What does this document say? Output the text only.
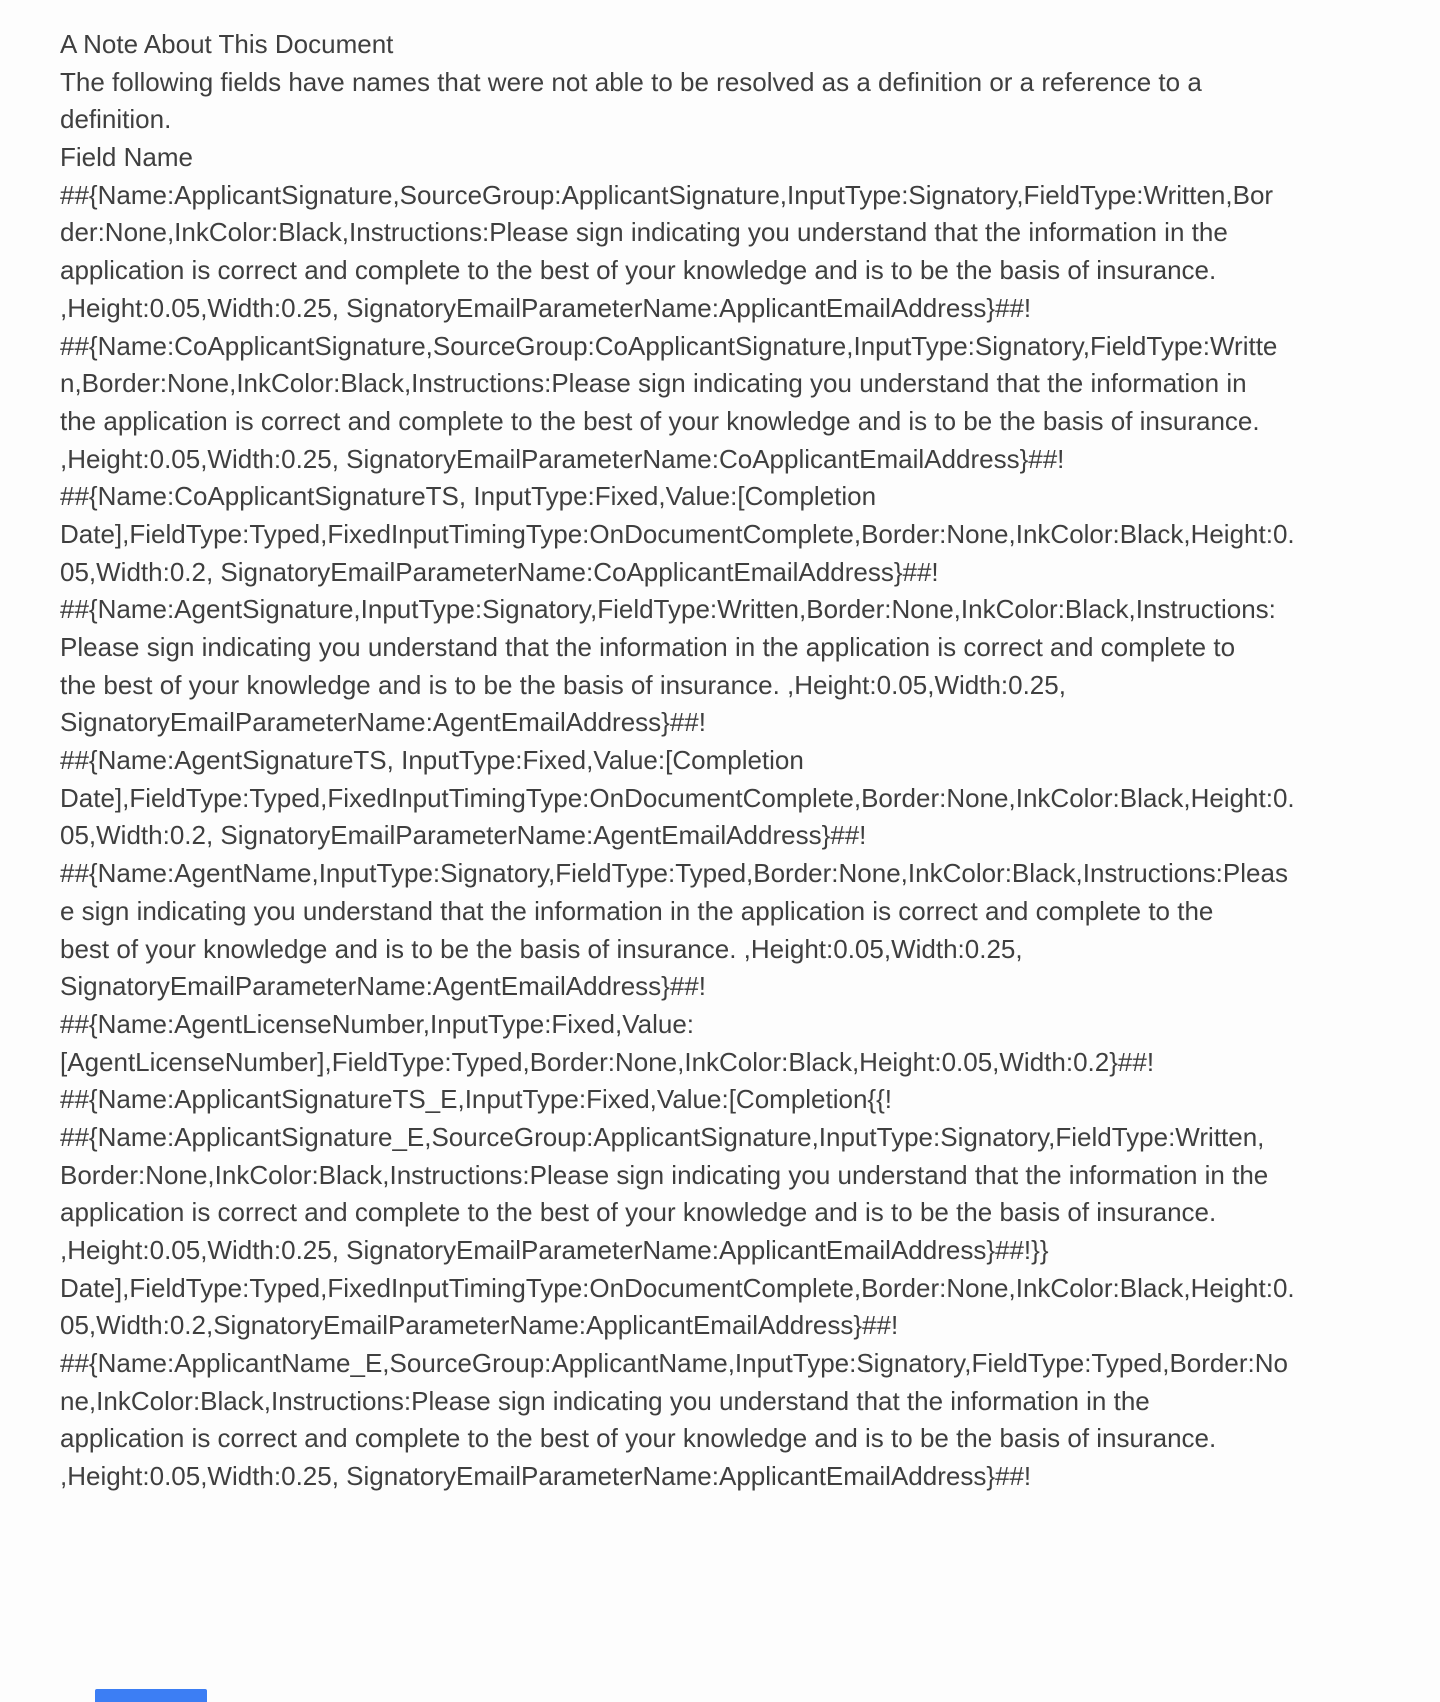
A Note About This Document
The following fields have names that were not able to be resolved as a definition or a reference to a
definition.
Field Name
##{Name:ApplicantSignature,SourceGroup:ApplicantSignature,InputType:Signatory,FieldType:Written,Bor
der:None,InkColor:Black,Instructions:Please sign indicating you understand that the information in the
application is correct and complete to the best of your knowledge and is to be the basis of insurance.
,Height:0.05,Width:0.25, SignatoryEmailParameterName:ApplicantEmailAddress}##!
##{Name:CoApplicantSignature,SourceGroup:CoApplicantSignature,InputType:Signatory,FieldType:Writte
n,Border:None,InkColor:Black,Instructions:Please sign indicating you understand that the information in
the application is correct and complete to the best of your knowledge and is to be the basis of insurance.
,Height:0.05,Width:0.25, SignatoryEmailParameterName:CoApplicantEmailAddress}##!
##{Name:CoApplicantSignatureTS, InputType:Fixed,Value:[Completion
Date],FieldType:Typed,FixedInputTimingType:OnDocumentComplete,Border:None,InkColor:Black,Height:0.
05,Width:0.2, SignatoryEmailParameterName:CoApplicantEmailAddress}##!
##{Name:AgentSignature,InputType:Signatory,FieldType:Written,Border:None,InkColor:Black,Instructions:
Please sign indicating you understand that the information in the application is correct and complete to
the best of your knowledge and is to be the basis of insurance. ,Height:0.05,Width:0.25,
SignatoryEmailParameterName:AgentEmailAddress}##!
##{Name:AgentSignatureTS, InputType:Fixed,Value:[Completion
Date],FieldType:Typed,FixedInputTimingType:OnDocumentComplete,Border:None,InkColor:Black,Height:0.
05,Width:0.2, SignatoryEmailParameterName:AgentEmailAddress}##!
##{Name:AgentName,InputType:Signatory,FieldType:Typed,Border:None,InkColor:Black,Instructions:Pleas
e sign indicating you understand that the information in the application is correct and complete to the
best of your knowledge and is to be the basis of insurance. ,Height:0.05,Width:0.25,
SignatoryEmailParameterName:AgentEmailAddress}##!
##{Name:AgentLicenseNumber,InputType:Fixed,Value:
[AgentLicenseNumber],FieldType:Typed,Border:None,InkColor:Black,Height:0.05,Width:0.2}##!
##{Name:ApplicantSignatureTS_E,InputType:Fixed,Value:[Completion{{!
##{Name:ApplicantSignature_E,SourceGroup:ApplicantSignature,InputType:Signatory,FieldType:Written,
Border:None,InkColor:Black,Instructions:Please sign indicating you understand that the information in the
application is correct and complete to the best of your knowledge and is to be the basis of insurance.
,Height:0.05,Width:0.25, SignatoryEmailParameterName:ApplicantEmailAddress}##!}}
Date],FieldType:Typed,FixedInputTimingType:OnDocumentComplete,Border:None,InkColor:Black,Height:0.
05,Width:0.2,SignatoryEmailParameterName:ApplicantEmailAddress}##!
##{Name:ApplicantName_E,SourceGroup:ApplicantName,InputType:Signatory,FieldType:Typed,Border:No
ne,InkColor:Black,Instructions:Please sign indicating you understand that the information in the
application is correct and complete to the best of your knowledge and is to be the basis of insurance.
,Height:0.05,Width:0.25, SignatoryEmailParameterName:ApplicantEmailAddress}##!
